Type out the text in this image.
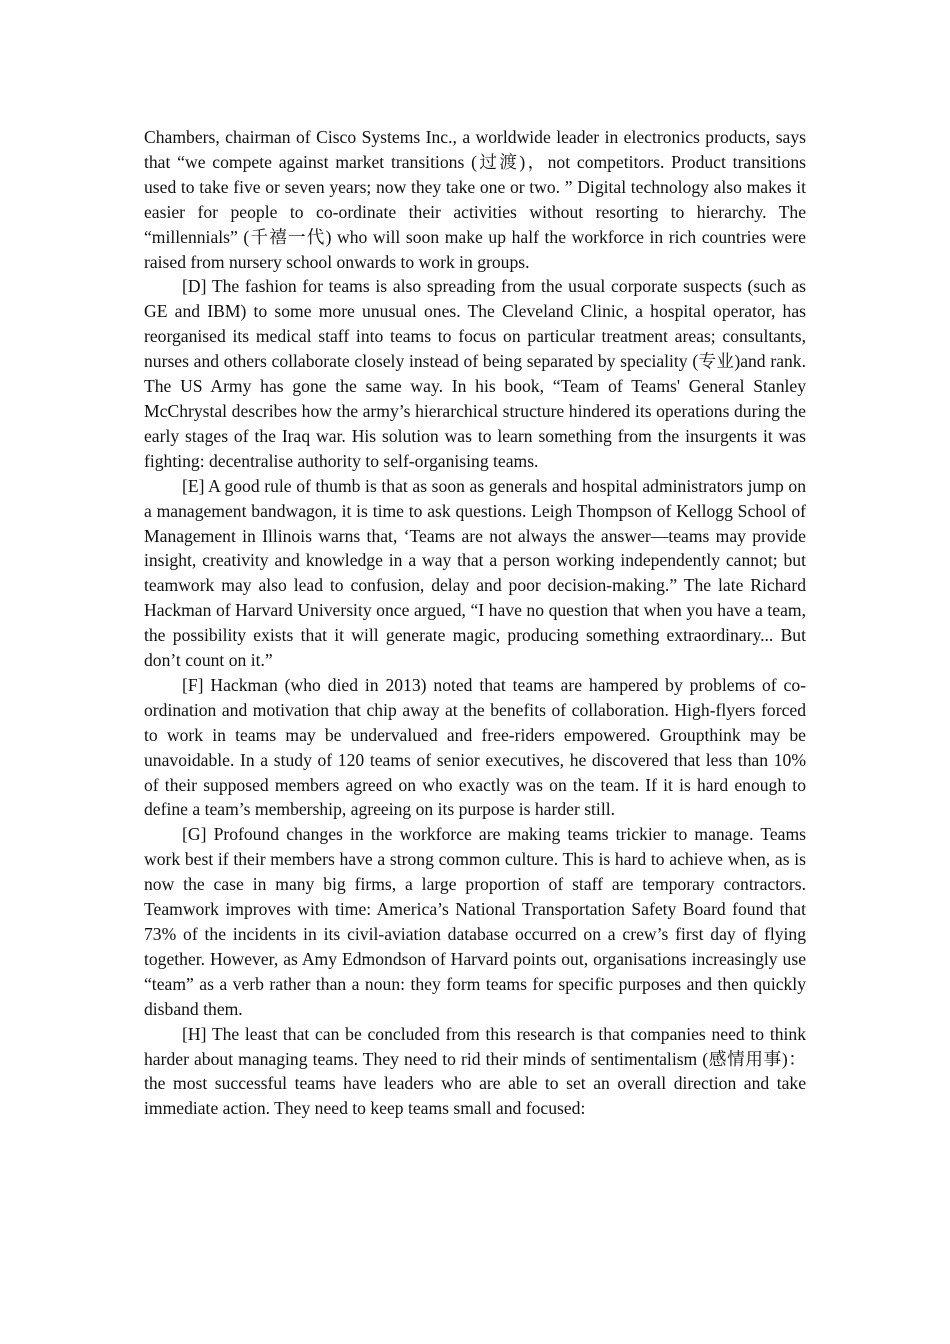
Chambers, chairman of Cisco Systems Inc., a worldwide leader in electronics products, says that “we compete against market transitions (过渡)，not competitors. Product transitions used to take five or seven years; now they take one or two. ” Digital technology also makes it easier for people to co-ordinate their activities without resorting to hierarchy. The “millennials” (千禧一代) who will soon make up half the workforce in rich countries were raised from nursery school onwards to work in groups.

[D] The fashion for teams is also spreading from the usual corporate suspects (such as GE and IBM) to some more unusual ones. The Cleveland Clinic, a hospital operator, has reorganised its medical staff into teams to focus on particular treatment areas; consultants, nurses and others collaborate closely instead of being separated by speciality (专业)and rank. The US Army has gone the same way. In his book, “Team of Teams' General Stanley McChrystal describes how the army’s hierarchical structure hindered its operations during the early stages of the Iraq war. His solution was to learn something from the insurgents it was fighting: decentralise authority to self-organising teams.

[E] A good rule of thumb is that as soon as generals and hospital administrators jump on a management bandwagon, it is time to ask questions. Leigh Thompson of Kellogg School of Management in Illinois warns that, ‘Teams are not always the answer—teams may provide insight, creativity and knowledge in a way that a person working independently cannot; but teamwork may also lead to confusion, delay and poor decision-making.” The late Richard Hackman of Harvard University once argued, “I have no question that when you have a team, the possibility exists that it will generate magic, producing something extraordinary... But don’t count on it.”

[F] Hackman (who died in 2013) noted that teams are hampered by problems of co-ordination and motivation that chip away at the benefits of collaboration. High-flyers forced to work in teams may be undervalued and free-riders empowered. Groupthink may be unavoidable. In a study of 120 teams of senior executives, he discovered that less than 10% of their supposed members agreed on who exactly was on the team. If it is hard enough to define a team’s membership, agreeing on its purpose is harder still.

[G] Profound changes in the workforce are making teams trickier to manage. Teams work best if their members have a strong common culture. This is hard to achieve when, as is now the case in many big firms, a large proportion of staff are temporary contractors. Teamwork improves with time: America’s National Transportation Safety Board found that 73% of the incidents in its civil-aviation database occurred on a crew’s first day of flying together. However, as Amy Edmondson of Harvard points out, organisations increasingly use “team” as a verb rather than a noun: they form teams for specific purposes and then quickly disband them.

[H] The least that can be concluded from this research is that companies need to think harder about managing teams. They need to rid their minds of sentimentalism (感情用事)：the most successful teams have leaders who are able to set an overall direction and take immediate action. They need to keep teams small and focused:
